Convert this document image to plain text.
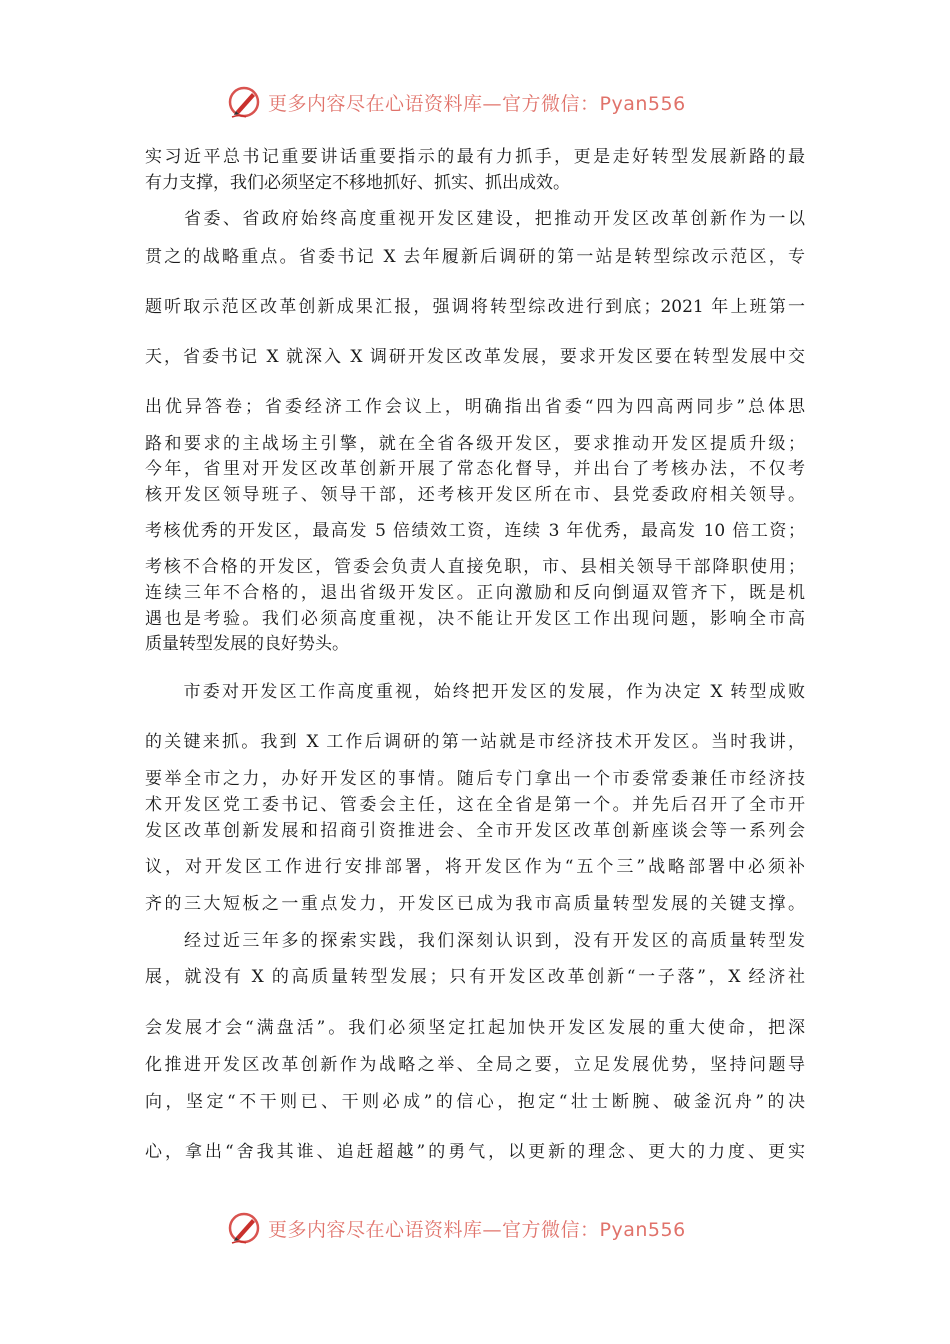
更多内容尽在心语资料库—官方微信：Pyan556
实习近平总书记重要讲话重要指示的最有力抓手，更是走好转型发展新路的最
有力支撑，我们必须坚定不移地抓好、抓实、抓出成效。
　　省委、省政府始终高度重视开发区建设，把推动开发区改革创新作为一以
贯之的战略重点。省委书记 X 去年履新后调研的第一站是转型综改示范区，专
题听取示范区改革创新成果汇报，强调将转型综改进行到底；2021 年上班第一
天，省委书记 X 就深入 X 调研开发区改革发展，要求开发区要在转型发展中交
出优异答卷；省委经济工作会议上，明确指出省委“四为四高两同步”总体思
路和要求的主战场主引擎，就在全省各级开发区，要求推动开发区提质升级；
今年，省里对开发区改革创新开展了常态化督导，并出台了考核办法，不仅考
核开发区领导班子、领导干部，还考核开发区所在市、县党委政府相关领导。
考核优秀的开发区，最高发 5 倍绩效工资，连续 3 年优秀，最高发 10 倍工资；
考核不合格的开发区，管委会负责人直接免职，市、县相关领导干部降职使用；
连续三年不合格的，退出省级开发区。正向激励和反向倒逼双管齐下，既是机
遇也是考验。我们必须高度重视，决不能让开发区工作出现问题，影响全市高
质量转型发展的良好势头。
　　市委对开发区工作高度重视，始终把开发区的发展，作为决定 X 转型成败
的关键来抓。我到 X 工作后调研的第一站就是市经济技术开发区。当时我讲，
要举全市之力，办好开发区的事情。随后专门拿出一个市委常委兼任市经济技
术开发区党工委书记、管委会主任，这在全省是第一个。并先后召开了全市开
发区改革创新发展和招商引资推进会、全市开发区改革创新座谈会等一系列会
议，对开发区工作进行安排部署，将开发区作为“五个三”战略部署中必须补
齐的三大短板之一重点发力，开发区已成为我市高质量转型发展的关键支撑。
　　经过近三年多的探索实践，我们深刻认识到，没有开发区的高质量转型发
展，就没有 X 的高质量转型发展；只有开发区改革创新“一子落”，X 经济社
会发展才会“满盘活”。我们必须坚定扛起加快开发区发展的重大使命，把深
化推进开发区改革创新作为战略之举、全局之要，立足发展优势，坚持问题导
向，坚定“不干则已、干则必成”的信心，抱定“壮士断腕、破釜沉舟”的决
心，拿出“舍我其谁、追赶超越”的勇气，以更新的理念、更大的力度、更实
更多内容尽在心语资料库—官方微信：Pyan556
